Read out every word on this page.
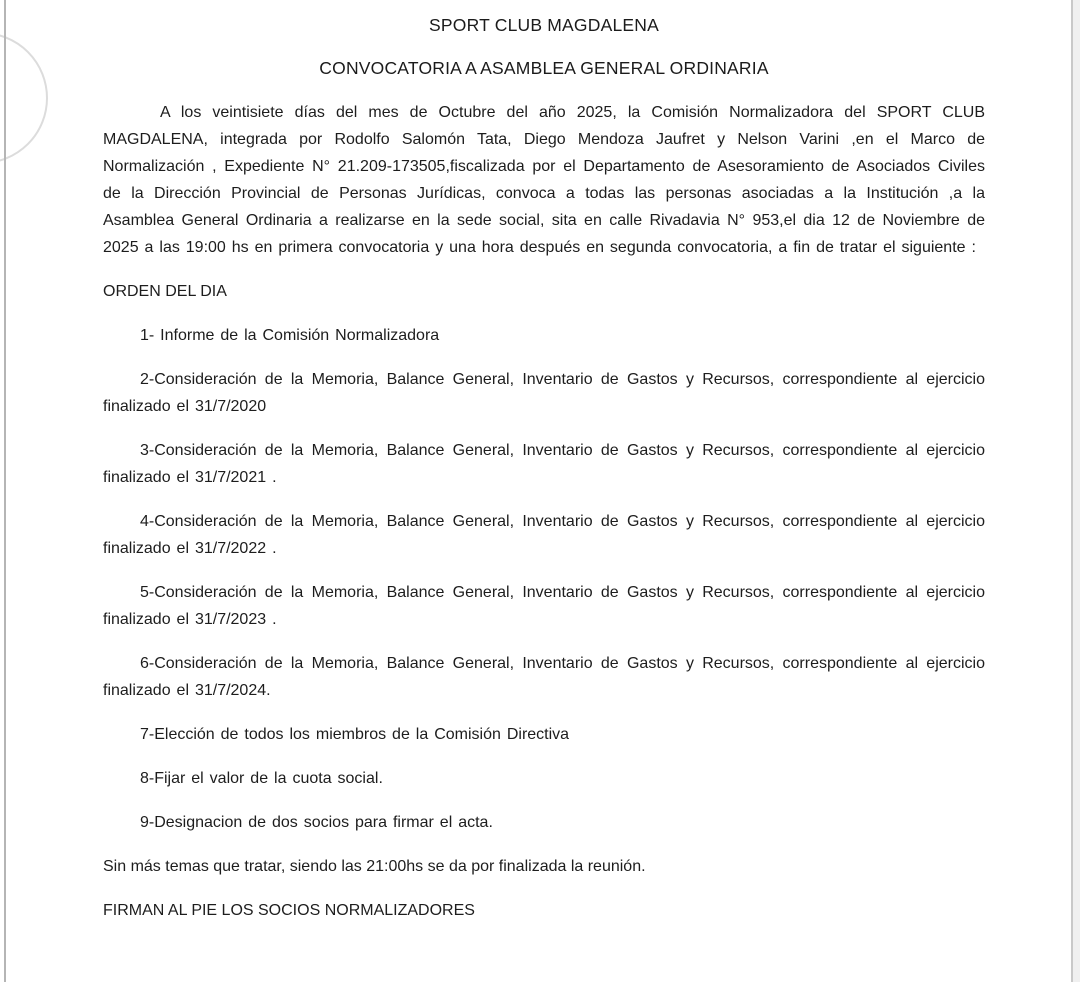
SPORT CLUB MAGDALENA

CONVOCATORIA A ASAMBLEA GENERAL ORDINARIA

A los veintisiete días del mes de Octubre del año 2025, la Comisión Normalizadora del SPORT CLUB MAGDALENA, integrada por Rodolfo Salomón Tata, Diego Mendoza Jaufret y Nelson Varini ,en el Marco de Normalización , Expediente N° 21.209-173505,fiscalizada por el Departamento de Asesoramiento de Asociados Civiles de la Dirección Provincial de Personas Jurídicas, convoca a todas las personas asociadas a la Institución ,a la Asamblea General Ordinaria a realizarse en la sede social, sita en calle Rivadavia N° 953,el dia 12 de Noviembre de 2025 a las 19:00 hs en primera convocatoria y una hora después en segunda convocatoria, a fin de tratar el siguiente :

ORDEN DEL DIA

1- Informe de la Comisión Normalizadora

2-Consideración de la Memoria, Balance General, Inventario de Gastos y Recursos, correspondiente al ejercicio finalizado el 31/7/2020

3-Consideración de la Memoria, Balance General, Inventario de Gastos y Recursos, correspondiente al ejercicio finalizado el 31/7/2021 .

4-Consideración de la Memoria, Balance General, Inventario de Gastos y Recursos, correspondiente al ejercicio finalizado el 31/7/2022 .

5-Consideración de la Memoria, Balance General, Inventario de Gastos y Recursos, correspondiente al ejercicio finalizado el 31/7/2023 .

6-Consideración de la Memoria, Balance General, Inventario de Gastos y Recursos, correspondiente al ejercicio finalizado el 31/7/2024.

7-Elección de todos los miembros de la Comisión Directiva

8-Fijar el valor de la cuota social.

9-Designacion de dos socios para firmar el acta.

Sin más temas que tratar, siendo las 21:00hs se da por finalizada la reunión.

FIRMAN AL PIE LOS SOCIOS NORMALIZADORES
